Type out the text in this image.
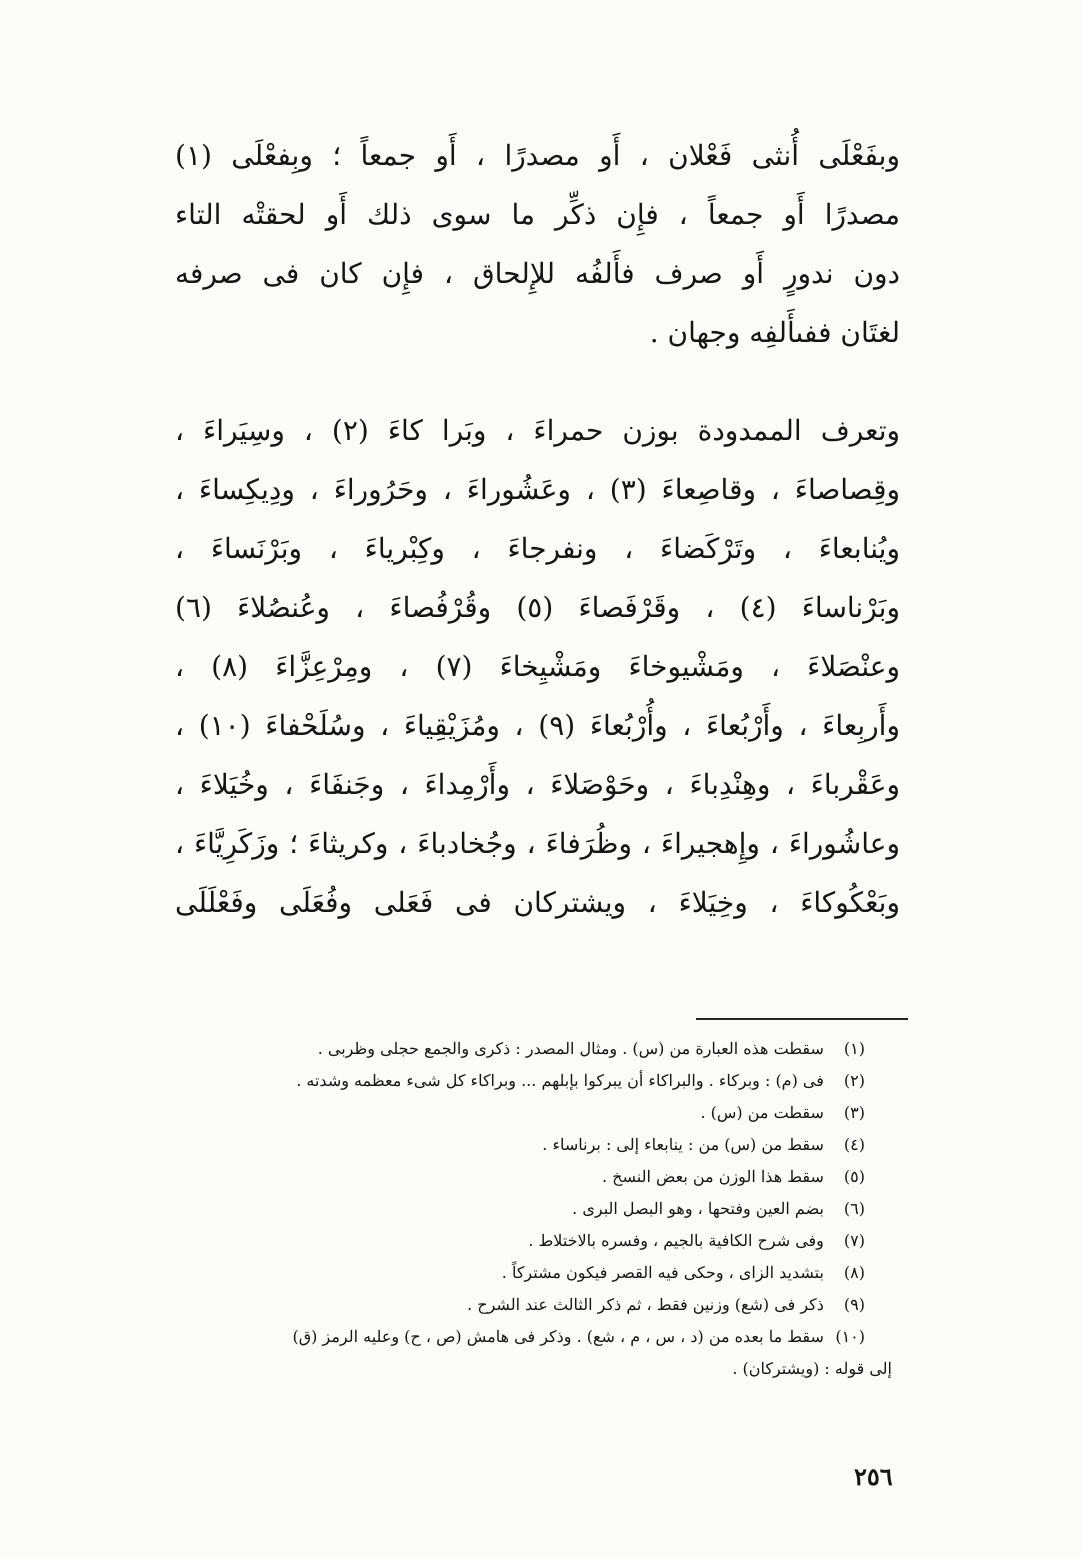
وبفَعْلَى أُنثى فَعْلان ، أَو مصدرًا ، أَو جمعاً ؛ وبِفعْلَى (١)
مصدرًا أَو جمعاً ، فإِن ذكِّر ما سوى ذلك أَو لحقتْه التاء
دون ندورٍ أَو صرف فأَلفُه للإِلحاق ، فإِن كان فى صرفه
لغتَان ففىأَلفِه وجهان .
وتعرف الممدودة بوزن حمراءَ ، وبَرا كاءَ (٢) ، وسِيَراءَ ،
وقِصاصاءَ ، وقاصِعاءَ (٣) ، وعَشُوراءَ ، وحَرُوراءَ ، ودِيكِساءَ ،
ويُنابعاءَ ، وتَرْكَضاءَ ، ونفرجاءَ ، وكِبْرياءَ ، وبَرْنَساءَ ،
وبَرْناساءَ (٤) ، وقَرْفَصاءَ (٥) وقُرْفُصاءَ ، وعُنصُلاءَ (٦)
وعنْصَلاءَ ، ومَشْيوخاءَ ومَشْيِخاءَ (٧) ، ومِرْعِزَّاءَ (٨) ،
وأَربِعاءَ ، وأَرْبُعاءَ ، وأُرْبُعاءَ (٩) ، ومُزَيْقِياءَ ، وسُلَحْفاءَ (١٠) ،
وعَقْرباءَ ، وهِنْدِباءَ ، وحَوْصَلاءَ ، وأَرْمِداءَ ، وجَنفَاءَ ، وخُيَلاءَ ،
وعاشُوراءَ ، وإِهجيراءَ ، وظُرَفاءَ ، وجُخادباءَ ، وكريثاءَ ؛ وزَكَرِيَّاءَ ،
وبَعْكُوكاءَ ، وخِيَلاءَ ، ويشتركان فى فَعَلى وفُعَلَى وفَعْلَلَى
(١) سقطت هذه العبارة من (س) . ومثال المصدر : ذكرى والجمع حجلى وظربى .
(٢) فى (م) : وبركاء . والبراكاء أن يبركوا بإبلهم ... وبراكاء كل شىء معظمه وشدته .
(٣) سقطت من (س) .
(٤) سقط من (س) من : ينابعاء إلى : برناساء .
(٥) سقط هذا الوزن من بعض النسخ .
(٦) بضم العين وفتحها ، وهو البصل البرى .
(٧) وفى شرح الكافية بالجيم ، وفسره بالاختلاط .
(٨) بتشديد الزاى ، وحكى فيه القصر فيكون مشتركاً .
(٩) ذكر فى (شع) وزنين فقط ، ثم ذكر الثالث عند الشرح .
(١٠) سقط ما بعده من (د ، س ، م ، شع) . وذكر فى هامش (ص ، ح) وعليه الرمز (ق)
إلى قوله : (ويشتركان) .
٢٥٦
